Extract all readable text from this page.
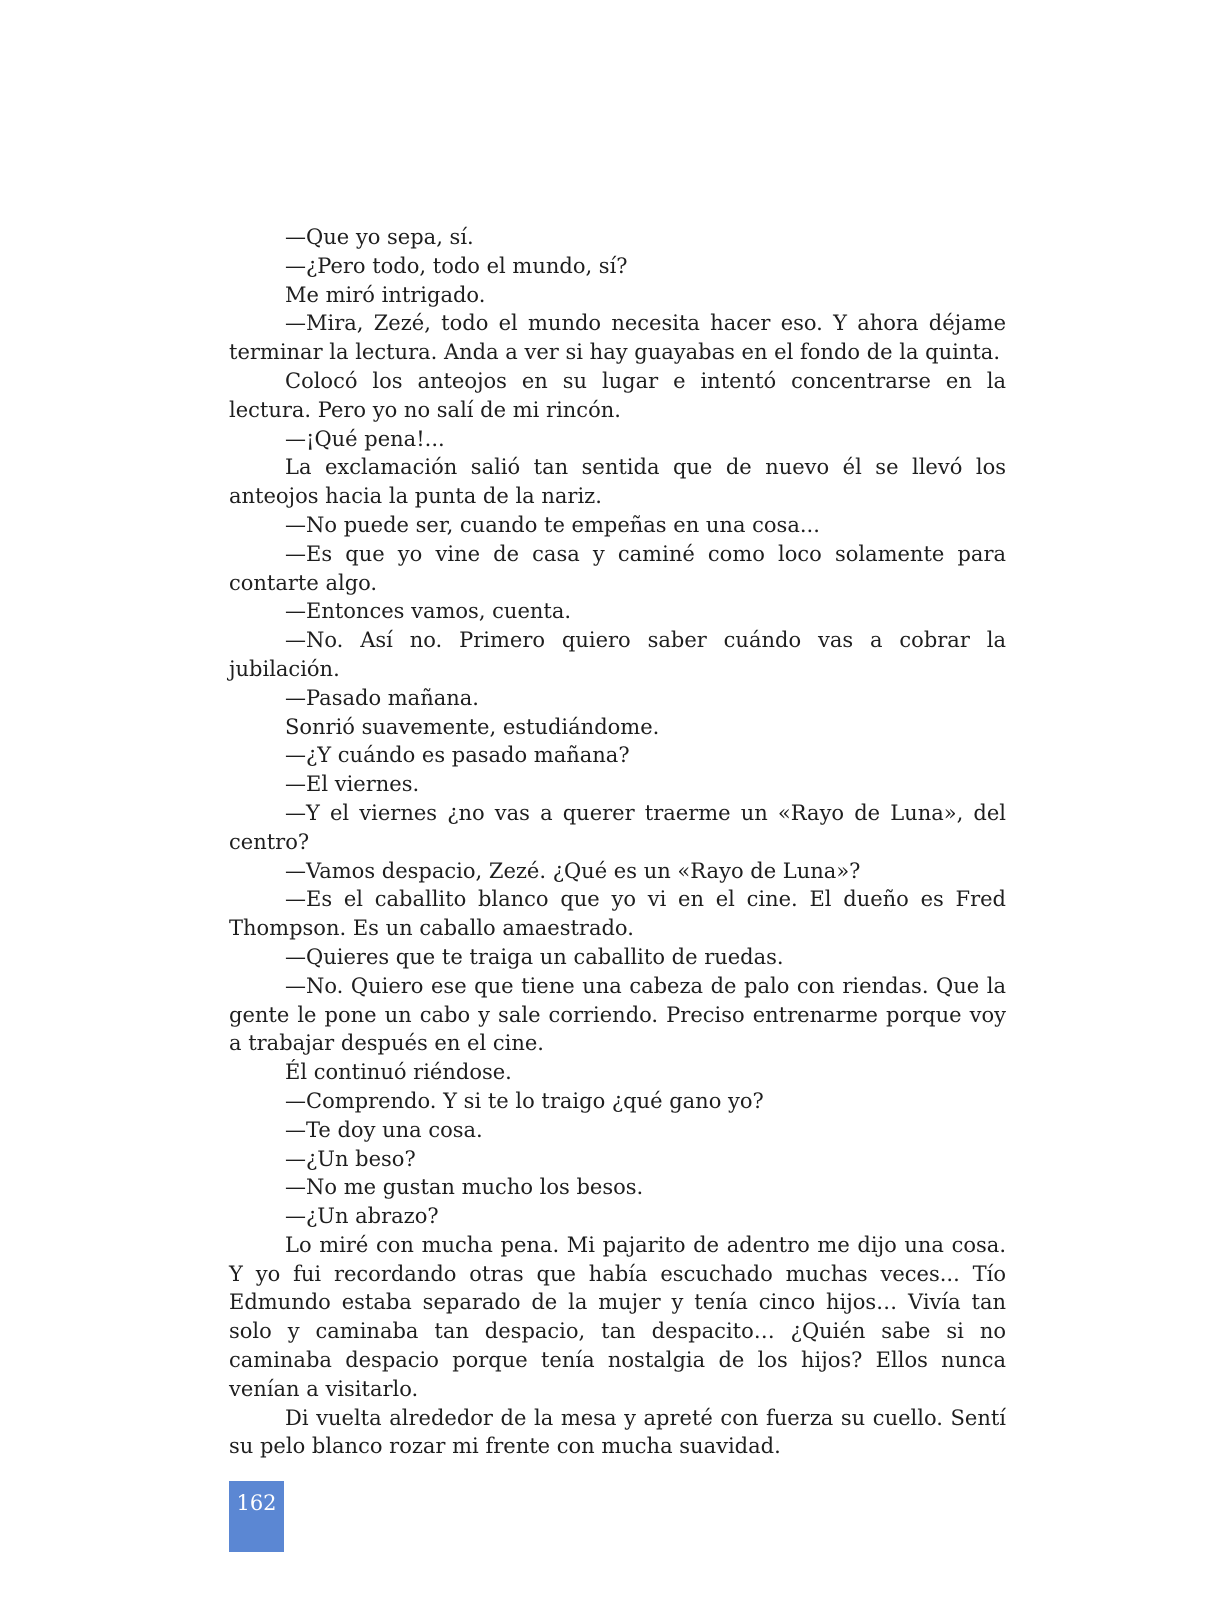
—Que yo sepa, sí.

—¿Pero todo, todo el mundo, sí?

Me miró intrigado.

—Mira, Zezé, todo el mundo necesita hacer eso. Y ahora déjame terminar la lectura. Anda a ver si hay guayabas en el fondo de la quinta.

Colocó los anteojos en su lugar e intentó concentrarse en la lectura. Pero yo no salí de mi rincón.

—¡Qué pena!...

La exclamación salió tan sentida que de nuevo él se llevó los anteojos hacia la punta de la nariz.

—No puede ser, cuando te empeñas en una cosa...

—Es que yo vine de casa y caminé como loco solamente para contarte algo.

—Entonces vamos, cuenta.

—No. Así no. Primero quiero saber cuándo vas a cobrar la jubilación.

—Pasado mañana.

Sonrió suavemente, estudiándome.

—¿Y cuándo es pasado mañana?

—El viernes.

—Y el viernes ¿no vas a querer traerme un «Rayo de Luna», del centro?

—Vamos despacio, Zezé. ¿Qué es un «Rayo de Luna»?

—Es el caballito blanco que yo vi en el cine. El dueño es Fred Thompson. Es un caballo amaestrado.

—Quieres que te traiga un caballito de ruedas.

—No. Quiero ese que tiene una cabeza de palo con riendas. Que la gente le pone un cabo y sale corriendo. Preciso entrenarme porque voy a trabajar después en el cine.

Él continuó riéndose.

—Comprendo. Y si te lo traigo ¿qué gano yo?

—Te doy una cosa.

—¿Un beso?

—No me gustan mucho los besos.

—¿Un abrazo?

Lo miré con mucha pena. Mi pajarito de adentro me dijo una cosa. Y yo fui recordando otras que había escuchado muchas veces... Tío Edmundo estaba separado de la mujer y tenía cinco hijos… Vivía tan solo y caminaba tan despacio, tan despacito… ¿Quién sabe si no caminaba despacio porque tenía nostalgia de los hijos? Ellos nunca venían a visitarlo.

Di vuelta alrededor de la mesa y apreté con fuerza su cuello. Sentí su pelo blanco rozar mi frente con mucha suavidad.

162
